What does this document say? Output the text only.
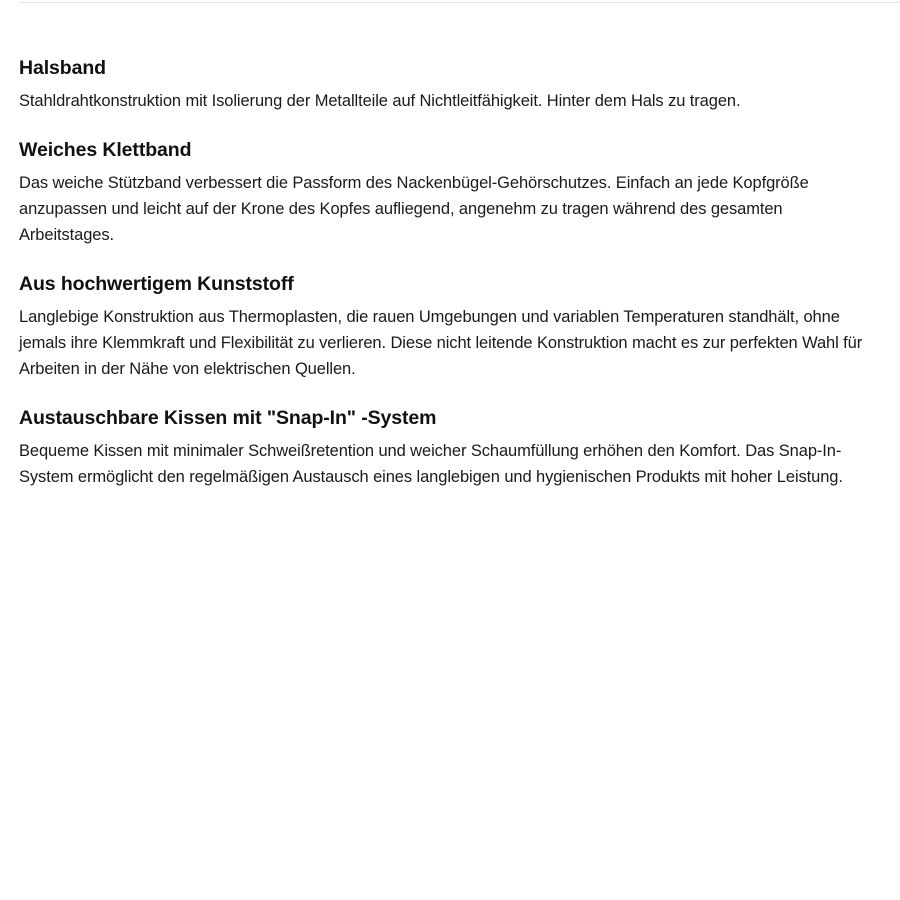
Halsband

Stahldrahtkonstruktion mit Isolierung der Metallteile auf Nichtleitfähigkeit. Hinter dem Hals zu tragen.

Weiches Klettband

Das weiche Stützband verbessert die Passform des Nackenbügel-Gehörschutzes. Einfach an jede Kopfgröße anzupassen und leicht auf der Krone des Kopfes aufliegend, angenehm zu tragen während des gesamten Arbeitstages.

Aus hochwertigem Kunststoff

Langlebige Konstruktion aus Thermoplasten, die rauen Umgebungen und variablen Temperaturen standhält, ohne jemals ihre Klemmkraft und Flexibilität zu verlieren. Diese nicht leitende Konstruktion macht es zur perfekten Wahl für Arbeiten in der Nähe von elektrischen Quellen.

Austauschbare Kissen mit "Snap-In" -System

Bequeme Kissen mit minimaler Schweißretention und weicher Schaumfüllung erhöhen den Komfort. Das Snap-In-System ermöglicht den regelmäßigen Austausch eines langlebigen und hygienischen Produkts mit hoher Leistung.
